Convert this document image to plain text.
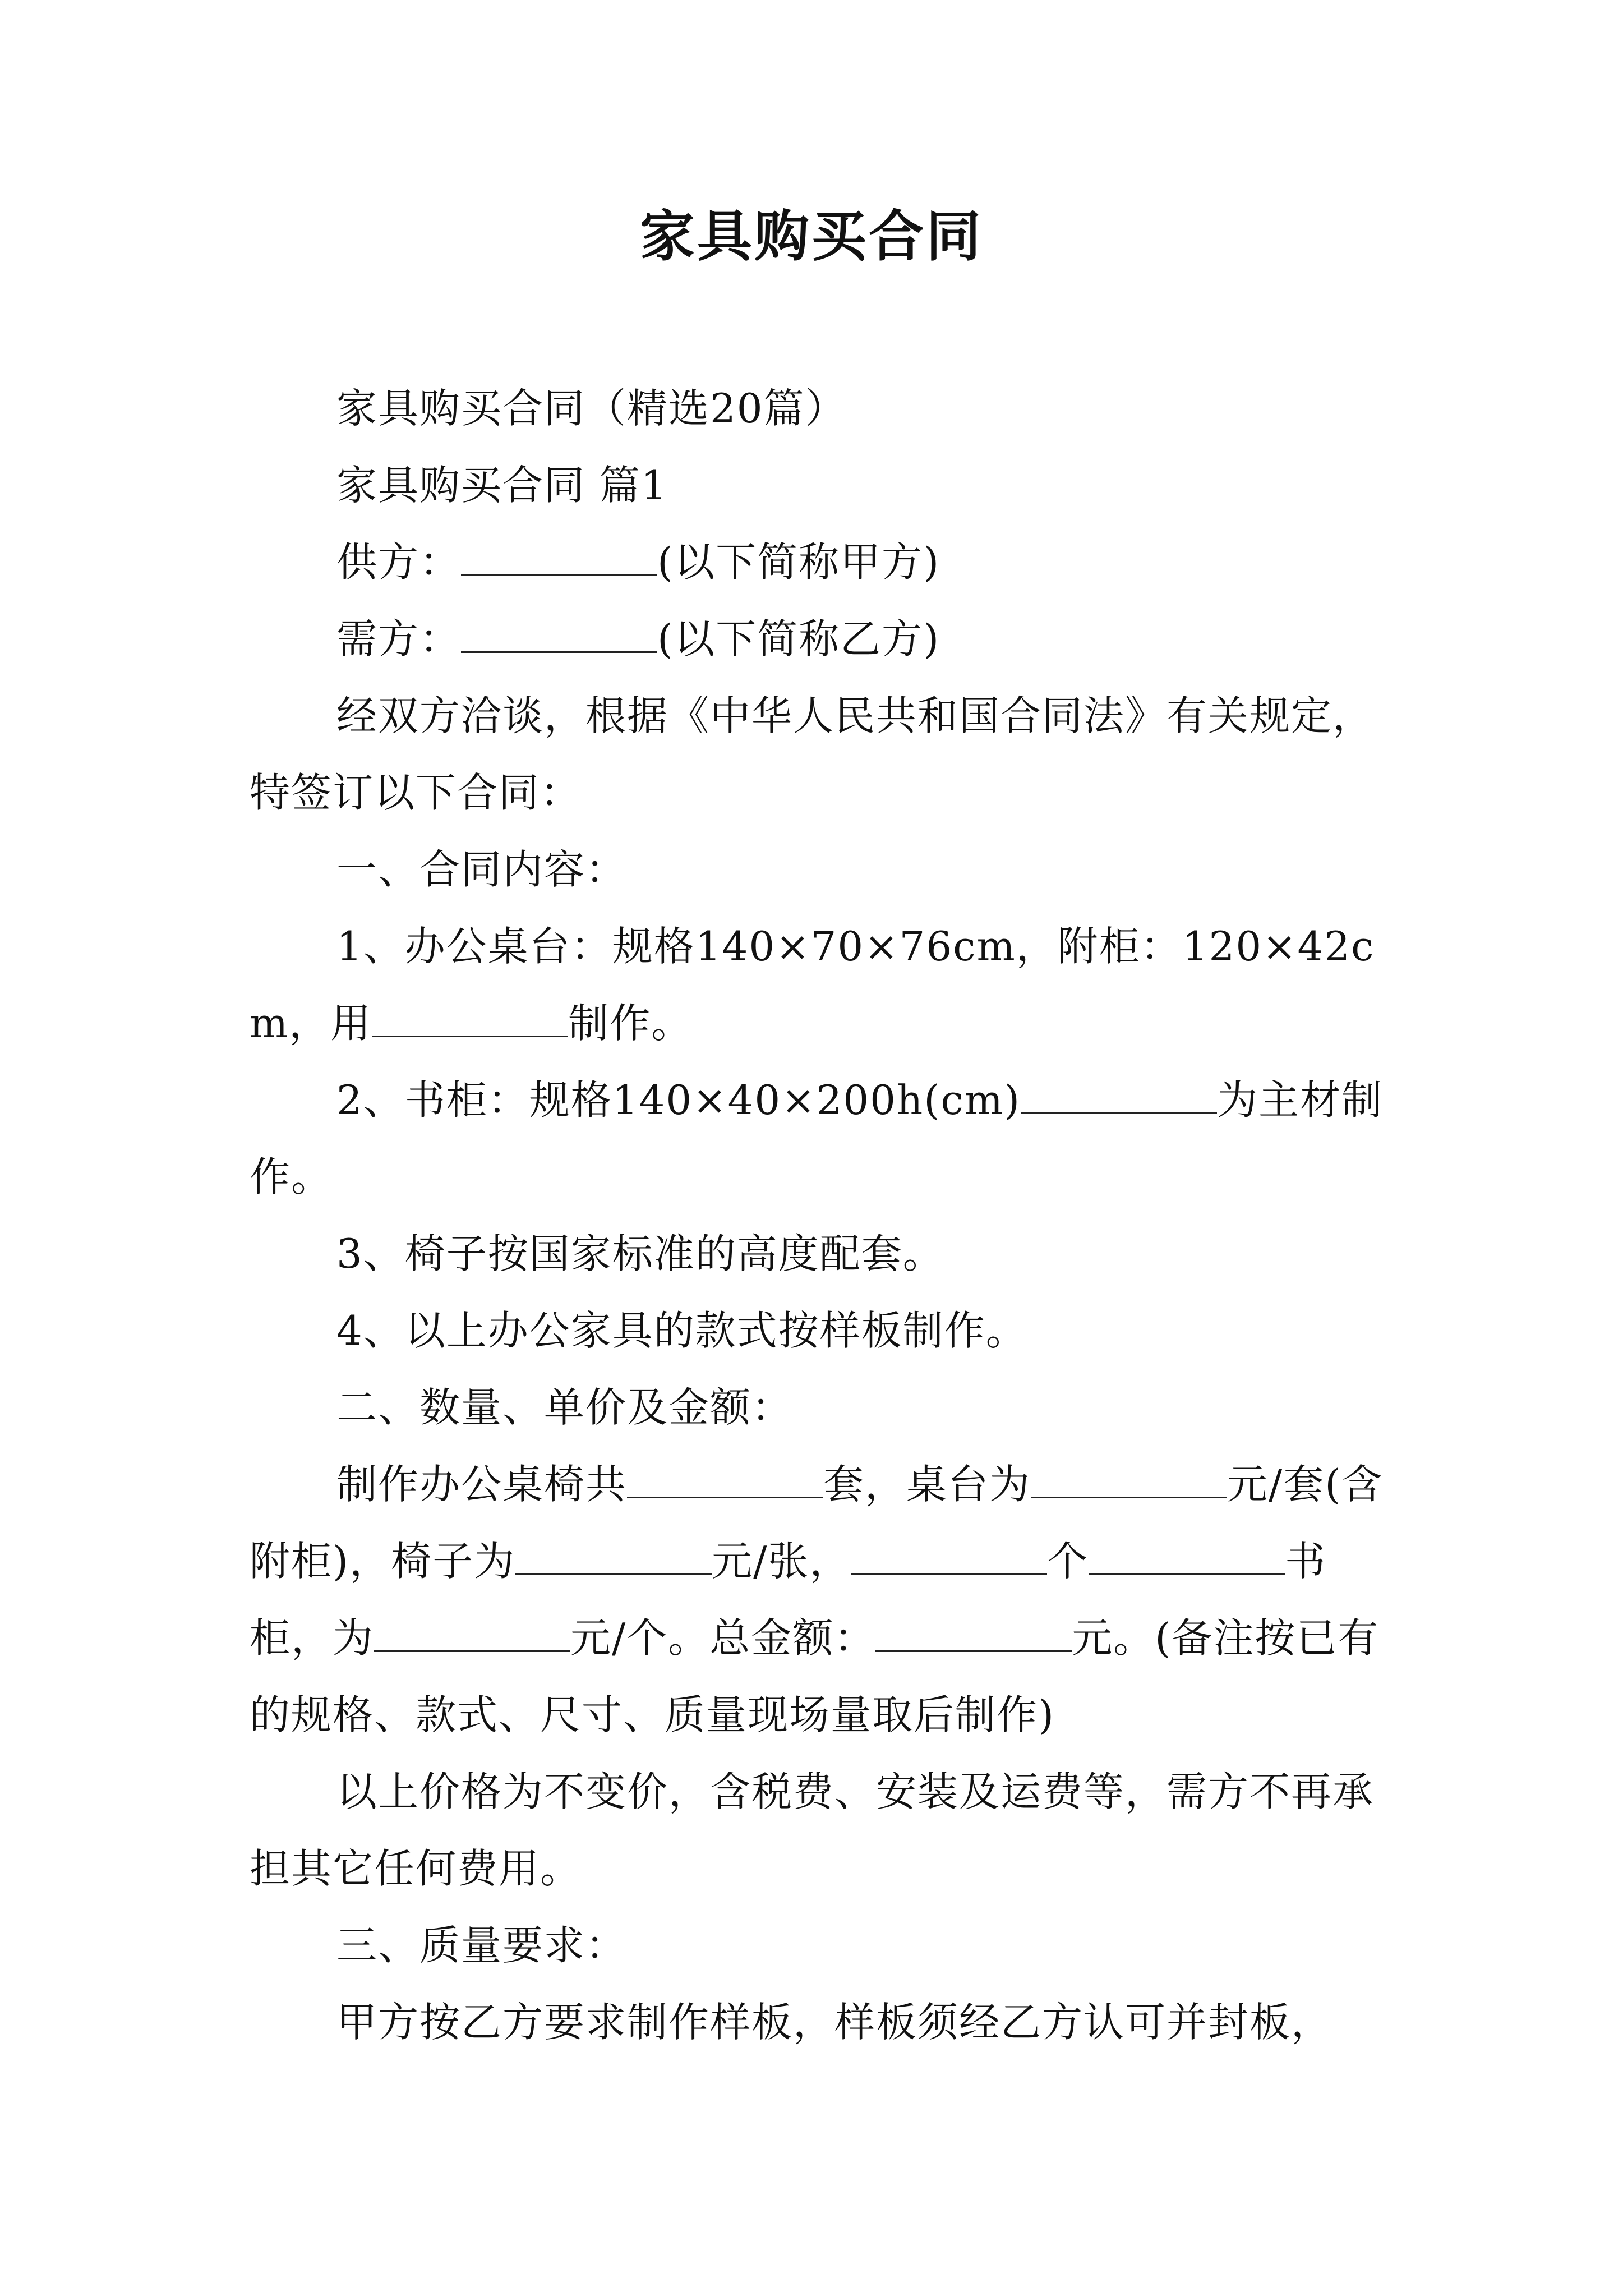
家具购买合同

家具购买合同（精选20篇）

家具购买合同 篇1

供方：	(以下简称甲方)

需方：	(以下简称乙方)

经双方洽谈，根据《中华人民共和国合同法》有关规定，特签订以下合同：

一、合同内容：

1、办公桌台：规格140×70×76cm，附柜：120×42cm，用	制作。

2、书柜：规格140×40×200h(cm)	为主材制作。

3、椅子按国家标准的高度配套。

4、以上办公家具的款式按样板制作。

二、数量、单价及金额：

制作办公桌椅共	套，桌台为	元/套(含附柜)，椅子为	元/张，	个	书柜，为	元/个。总金额：	元。(备注按已有的规格、款式、尺寸、质量现场量取后制作)

以上价格为不变价，含税费、安装及运费等，需方不再承担其它任何费用。

三、质量要求：

甲方按乙方要求制作样板，样板须经乙方认可并封板，
